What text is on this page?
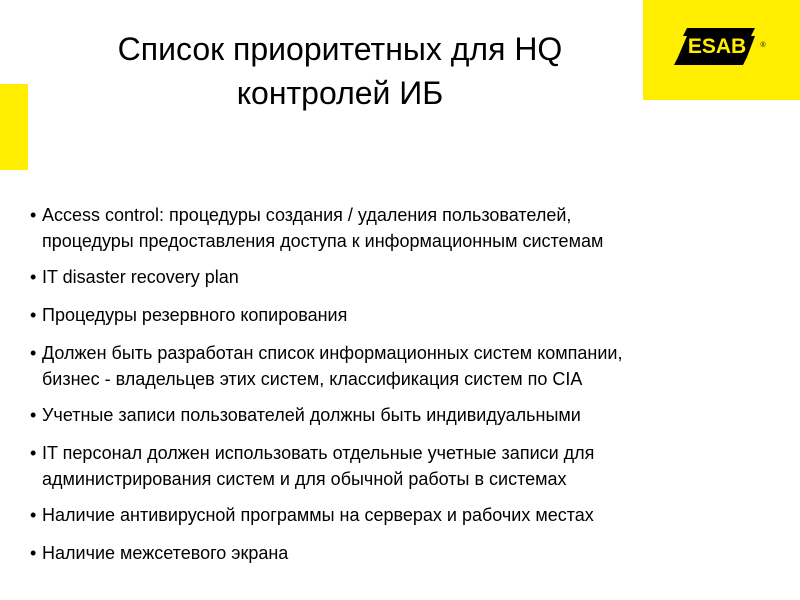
ESAB ®
Список приоритетных для HQ
контролей ИБ
• Access control: процедуры создания / удаления пользователей,
процедуры предоставления доступа к информационным системам
• IT disaster recovery plan
• Процедуры резервного копирования
• Должен быть разработан список информационных систем компании,
бизнес - владельцев этих систем, классификация систем по CIA
• Учетные записи пользователей должны быть индивидуальными
• IT персонал должен использовать отдельные учетные записи для
администрирования систем и для обычной работы в системах
• Наличие антивирусной программы на серверах и рабочих местах
• Наличие межсетевого экрана
